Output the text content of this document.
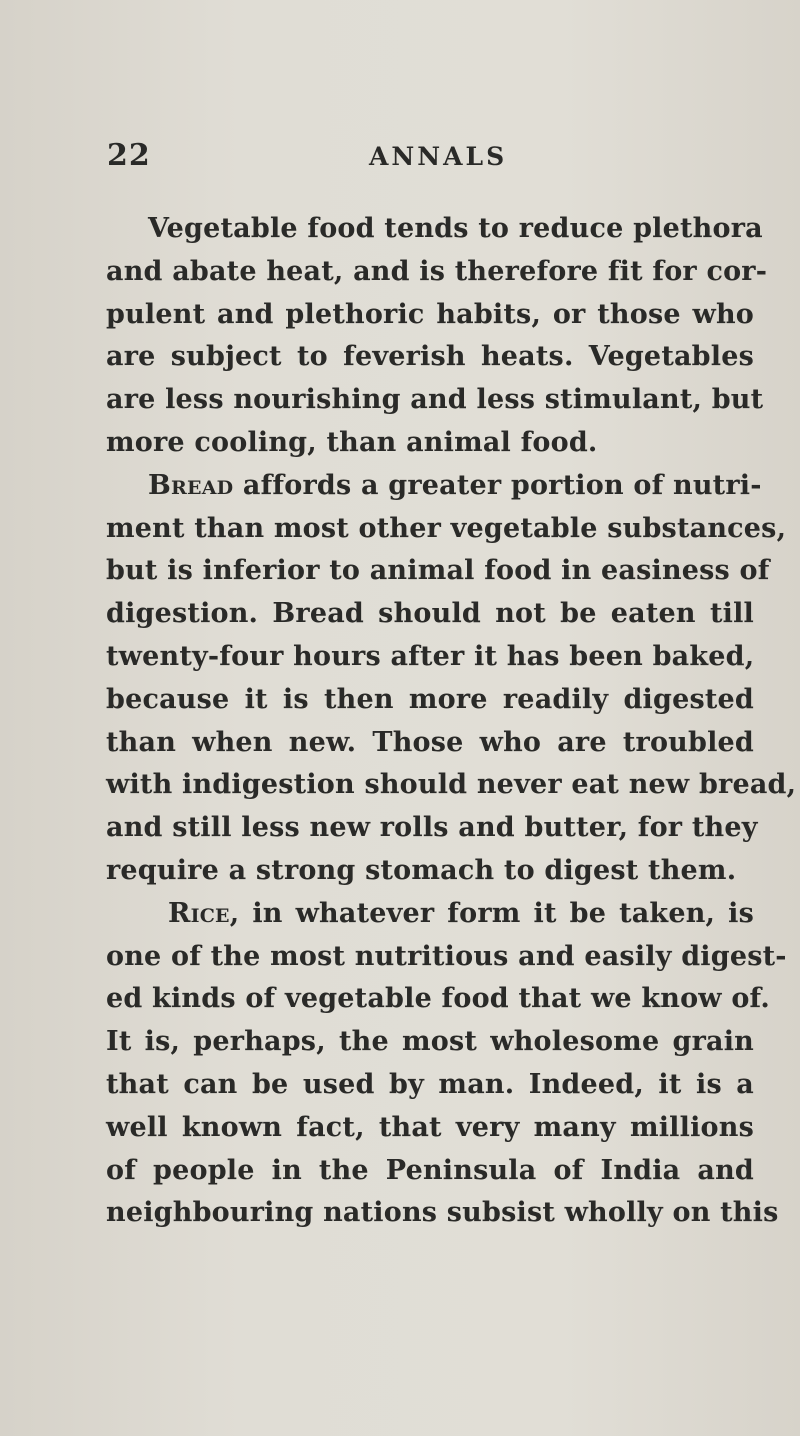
22	ANNALS
Vegetable food tends to reduce plethora
and abate heat, and is therefore fit for cor-
pulent and plethoric habits, or those who
are subject to feverish heats. Vegetables
are less nourishing and less stimulant, but
more cooling, than animal food.
Bread affords a greater portion of nutri-
ment than most other vegetable substances,
but is inferior to animal food in easiness of
digestion. Bread should not be eaten till
twenty-four hours after it has been baked,
because it is then more readily digested
than when new. Those who are troubled
with indigestion should never eat new bread,
and still less new rolls and butter, for they
require a strong stomach to digest them.
Rice, in whatever form it be taken, is
one of the most nutritious and easily digest-
ed kinds of vegetable food that we know of.
It is, perhaps, the most wholesome grain
that can be used by man. Indeed, it is a
well known fact, that very many millions
of people in the Peninsula of India and
neighbouring nations subsist wholly on this
